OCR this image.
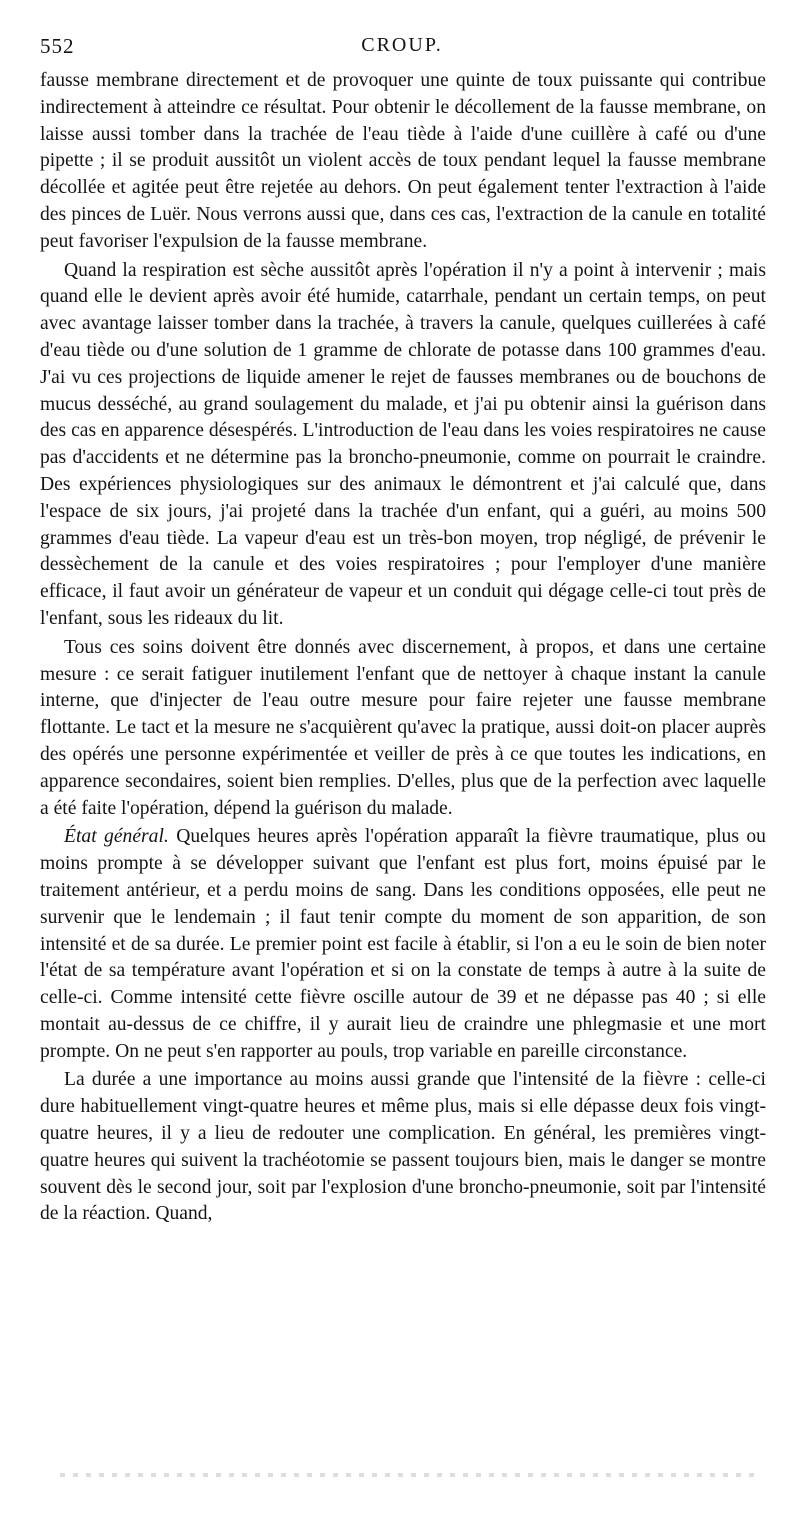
552	CROUP.

fausse membrane directement et de provoquer une quinte de toux puissante qui contribue indirectement à atteindre ce résultat. Pour obtenir le décollement de la fausse membrane, on laisse aussi tomber dans la trachée de l'eau tiède à l'aide d'une cuillère à café ou d'une pipette ; il se produit aussitôt un violent accès de toux pendant lequel la fausse membrane décollée et agitée peut être rejetée au dehors. On peut également tenter l'extraction à l'aide des pinces de Luër. Nous verrons aussi que, dans ces cas, l'extraction de la canule en totalité peut favoriser l'expulsion de la fausse membrane.

Quand la respiration est sèche aussitôt après l'opération il n'y a point à intervenir ; mais quand elle le devient après avoir été humide, catarrhale, pendant un certain temps, on peut avec avantage laisser tomber dans la trachée, à travers la canule, quelques cuillerées à café d'eau tiède ou d'une solution de 1 gramme de chlorate de potasse dans 100 grammes d'eau. J'ai vu ces projections de liquide amener le rejet de fausses membranes ou de bouchons de mucus desséché, au grand soulagement du malade, et j'ai pu obtenir ainsi la guérison dans des cas en apparence désespérés. L'introduction de l'eau dans les voies respiratoires ne cause pas d'accidents et ne détermine pas la broncho-pneumonie, comme on pourrait le craindre. Des expériences physiologiques sur des animaux le démontrent et j'ai calculé que, dans l'espace de six jours, j'ai projeté dans la trachée d'un enfant, qui a guéri, au moins 500 grammes d'eau tiède. La vapeur d'eau est un très-bon moyen, trop négligé, de prévenir le dessèchement de la canule et des voies respiratoires ; pour l'employer d'une manière efficace, il faut avoir un générateur de vapeur et un conduit qui dégage celle-ci tout près de l'enfant, sous les rideaux du lit.

Tous ces soins doivent être donnés avec discernement, à propos, et dans une certaine mesure : ce serait fatiguer inutilement l'enfant que de nettoyer à chaque instant la canule interne, que d'injecter de l'eau outre mesure pour faire rejeter une fausse membrane flottante. Le tact et la mesure ne s'acquièrent qu'avec la pratique, aussi doit-on placer auprès des opérés une personne expérimentée et veiller de près à ce que toutes les indications, en apparence secondaires, soient bien remplies. D'elles, plus que de la perfection avec laquelle a été faite l'opération, dépend la guérison du malade.

État général. Quelques heures après l'opération apparaît la fièvre traumatique, plus ou moins prompte à se développer suivant que l'enfant est plus fort, moins épuisé par le traitement antérieur, et a perdu moins de sang. Dans les conditions opposées, elle peut ne survenir que le lendemain ; il faut tenir compte du moment de son apparition, de son intensité et de sa durée. Le premier point est facile à établir, si l'on a eu le soin de bien noter l'état de sa température avant l'opération et si on la constate de temps à autre à la suite de celle-ci. Comme intensité cette fièvre oscille autour de 39 et ne dépasse pas 40 ; si elle montait au-dessus de ce chiffre, il y aurait lieu de craindre une phlegmasie et une mort prompte. On ne peut s'en rapporter au pouls, trop variable en pareille circonstance.

La durée a une importance au moins aussi grande que l'intensité de la fièvre : celle-ci dure habituellement vingt-quatre heures et même plus, mais si elle dépasse deux fois vingt-quatre heures, il y a lieu de redouter une complication. En général, les premières vingt-quatre heures qui suivent la trachéotomie se passent toujours bien, mais le danger se montre souvent dès le second jour, soit par l'explosion d'une broncho-pneumonie, soit par l'intensité de la réaction. Quand,
